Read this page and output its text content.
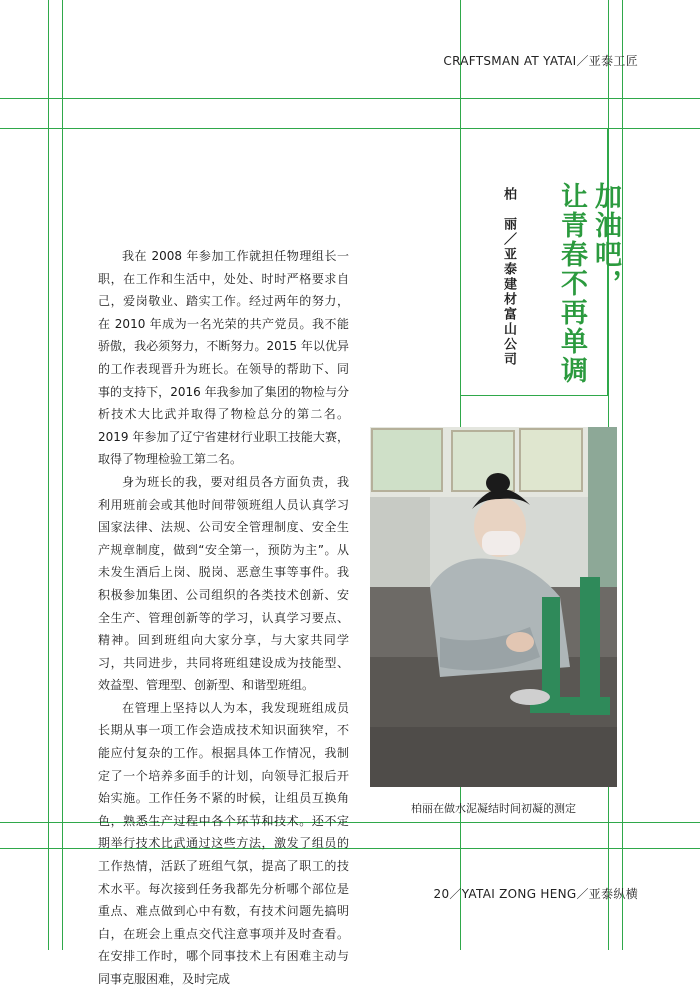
CRAFTSMAN AT YATAI／亚泰工匠
加油吧，
让青春不再单调
柏　丽／亚泰建材富山公司

我在 2008 年参加工作就担任物理组长一职，在工作和生活中，处处、时时严格要求自己，爱岗敬业、踏实工作。经过两年的努力，在 2010 年成为一名光荣的共产党员。我不能骄傲，我必须努力，不断努力。2015 年以优异的工作表现晋升为班长。在领导的帮助下、同事的支持下，2016 年我参加了集团的物检与分析技术大比武并取得了物检总分的第二名。2019 年参加了辽宁省建材行业职工技能大赛，取得了物理检验工第二名。

身为班长的我，要对组员各方面负责，我利用班前会或其他时间带领班组人员认真学习国家法律、法规、公司安全管理制度、安全生产规章制度，做到“安全第一，预防为主”。从未发生酒后上岗、脱岗、恶意生事等事件。我积极参加集团、公司组织的各类技术创新、安全生产、管理创新等的学习，认真学习要点、精神。回到班组向大家分享，与大家共同学习，共同进步，共同将班组建设成为技能型、效益型、管理型、创新型、和谐型班组。

在管理上坚持以人为本，我发现班组成员长期从事一项工作会造成技术知识面狭窄，不能应付复杂的工作。根据具体工作情况，我制定了一个培养多面手的计划，向领导汇报后开始实施。工作任务不紧的时候，让组员互换角色，熟悉生产过程中各个环节和技术。还不定期举行技术比武通过这些方法，激发了组员的工作热情，活跃了班组气氛，提高了职工的技术水平。每次接到任务我都先分析哪个部位是重点、难点做到心中有数，有技术问题先搞明白，在班会上重点交代注意事项并及时查看。在安排工作时，哪个同事技术上有困难主动与同事克服困难，及时完成

柏丽在做水泥凝结时间初凝的测定
20／YATAI ZONG HENG／亚泰纵横
